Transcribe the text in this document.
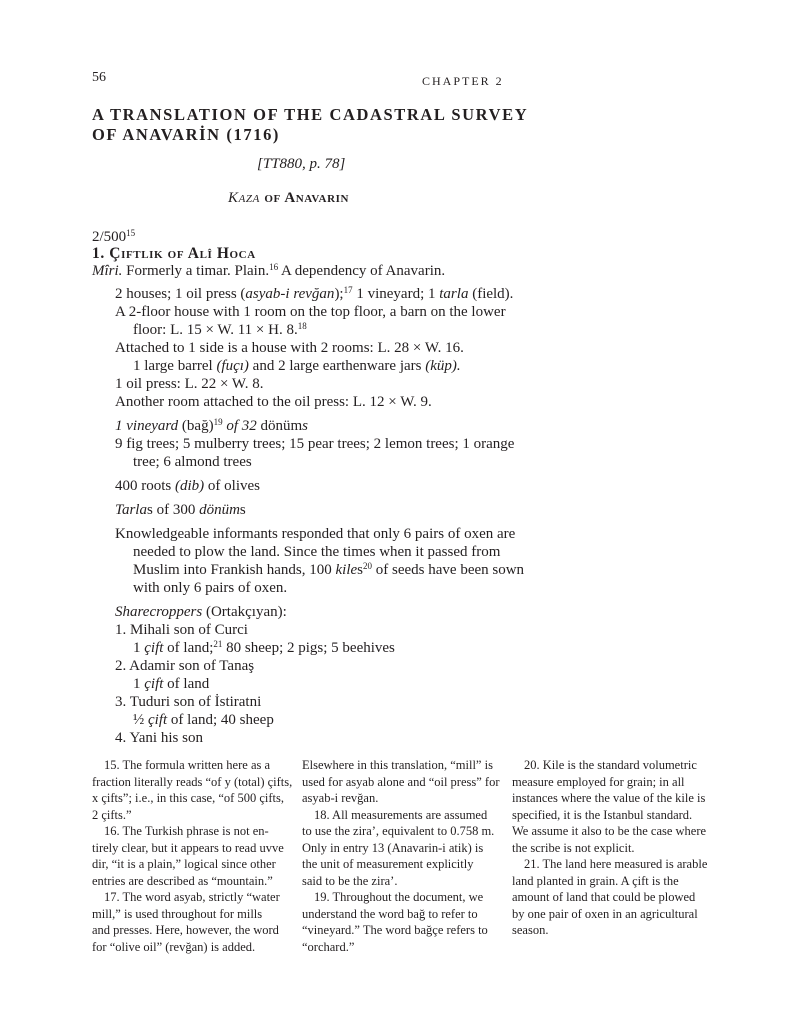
56	CHAPTER 2
A TRANSLATION OF THE CADASTRAL SURVEY
OF ANAVARİN (1716)
[TT880, p. 78]
Kaza of Anavarin
$2/500^{15}$
1. Çiftlik of Alî Hoca
Mîri. Formerly a timar. Plain.$^{16}$ A dependency of Anavarin.
2 houses; 1 oil press (asyab-i revğan);$^{17}$ 1 vineyard; 1 tarla (field).
A 2-floor house with 1 room on the top floor, a barn on the lower
floor: L. 15 × W. 11 × H. 8.18
Attached to 1 side is a house with 2 rooms: L. 28 × W. 16.
1 large barrel (fuçı) and 2 large earthenware jars (küp).
1 oil press: L. 22 × W. 8.
Another room attached to the oil press: L. 12 × W. 9.
1 vineyard (bağ)$^{19}$ of 32 dönüms
9 fig trees; 5 mulberry trees; 15 pear trees; 2 lemon trees; 1 orange
tree; 6 almond trees
400 roots (dib) of olives
Tarlas of 300 dönüms
Knowledgeable informants responded that only 6 pairs of oxen are
needed to plow the land. Since the times when it passed from
Muslim into Frankish hands, 100 kiles$^{20}$ of seeds have been sown
with only 6 pairs of oxen.
Sharecroppers (Ortakçıyan):
1. Mihali son of Curci
1 çift of land;$^{21}$ 80 sheep; 2 pigs; 5 beehives
2. Adamir son of Tanaş
1 çift of land
3. Tuduri son of İstiratni
½ çift of land; 40 sheep
4. Yani his son
15. The formula written here as a
fraction literally reads “of y (total) çifts,
x çifts”; i.e., in this case, “of 500 çifts,
2 çifts.”
16. The Turkish phrase is not en-
tirely clear, but it appears to read uvve
dir, “it is a plain,” logical since other
entries are described as “mountain.”
17. The word asyab, strictly “water
mill,” is used throughout for mills
and presses. Here, however, the word
for “olive oil” (revğan) is added.
Elsewhere in this translation, “mill” is
used for asyab alone and “oil press” for
asyab-i revğan.
18. All measurements are assumed
to use the zira’, equivalent to 0.758 m.
Only in entry 13 (Anavarin-i atik) is
the unit of measurement explicitly
said to be the zira’.
19. Throughout the document, we
understand the word bağ to refer to
“vineyard.” The word bağçe refers to
“orchard.”
20. Kile is the standard volumetric
measure employed for grain; in all
instances where the value of the kile is
specified, it is the Istanbul standard.
We assume it also to be the case where
the scribe is not explicit.
21. The land here measured is arable
land planted in grain. A çift is the
amount of land that could be plowed
by one pair of oxen in an agricultural
season.
